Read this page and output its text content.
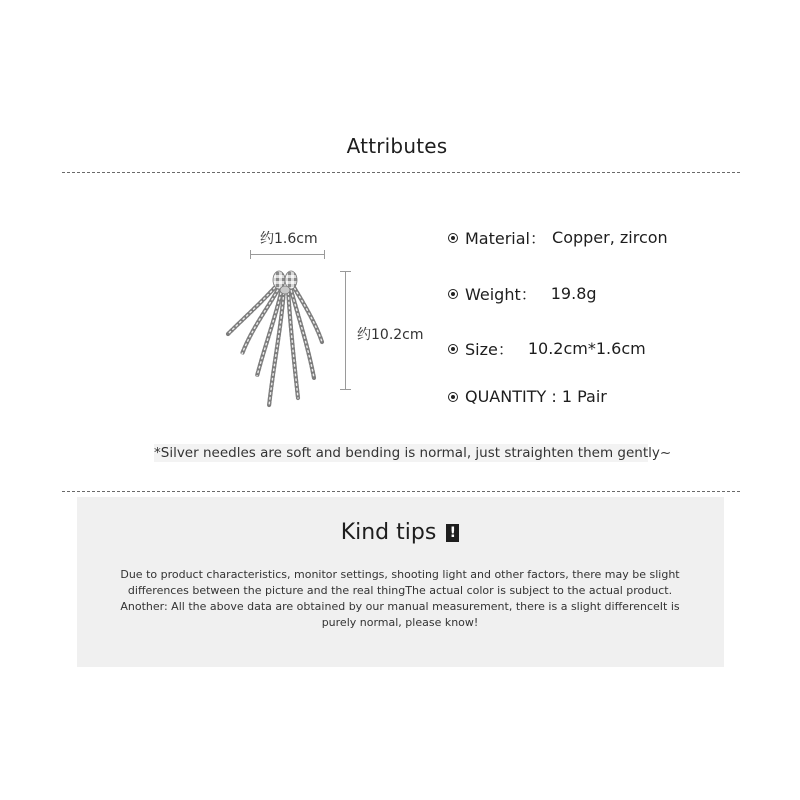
Attributes
约1.6cm
约10.2cm
Material： Copper, zircon
Weight： 19.8g
Size： 10.2cm*1.6cm
QUANTITY : 1 Pair
*Silver needles are soft and bending is normal, just straighten them gently~
Kind tips !
Due to product characteristics, monitor settings, shooting light and other factors, there may be slight
differences between the picture and the real thingThe actual color is subject to the actual product.
Another: All the above data are obtained by our manual measurement, there is a slight differenceIt is
purely normal, please know!
